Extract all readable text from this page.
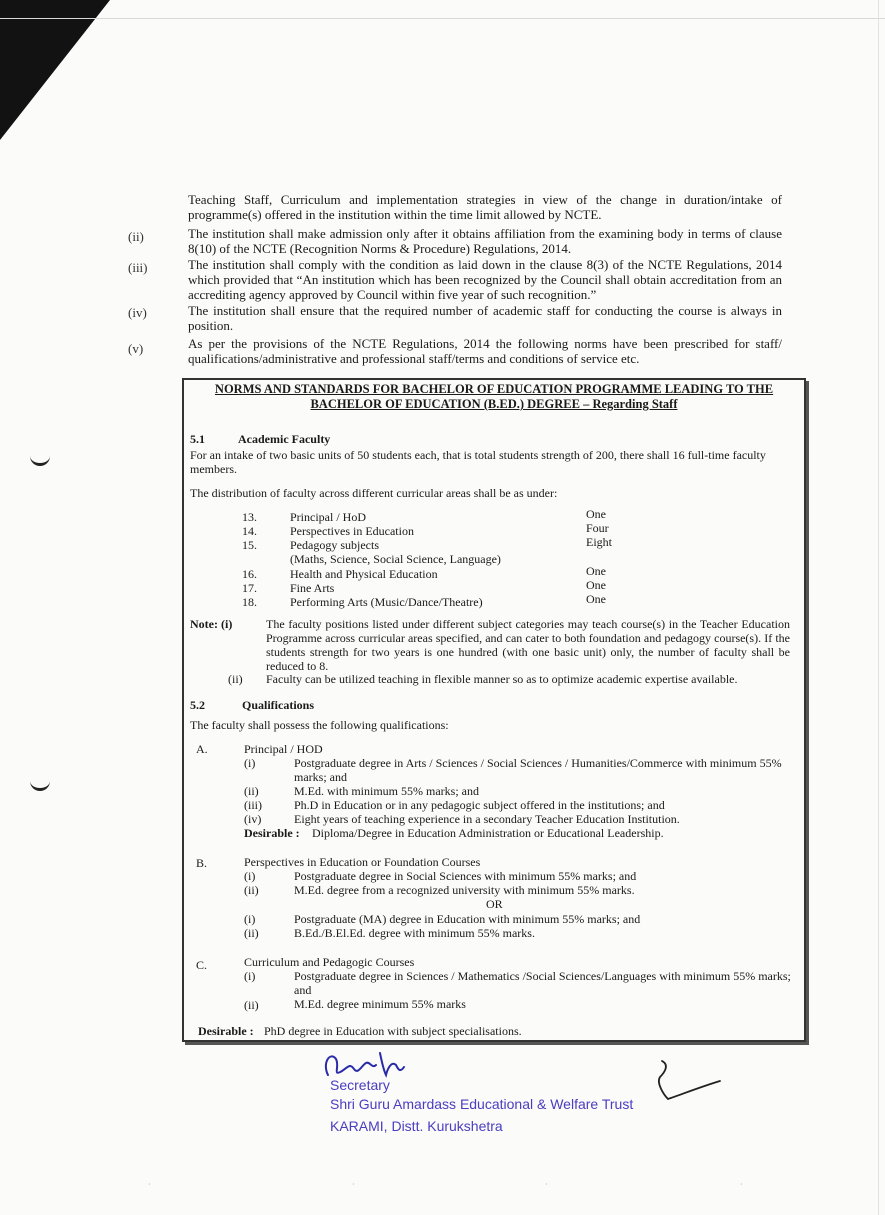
Teaching Staff, Curriculum and implementation strategies in view of the change in duration/intake of programme(s) offered in the institution within the time limit allowed by NCTE.

(ii)	The institution shall make admission only after it obtains affiliation from the examining body in terms of clause 8(10) of the NCTE (Recognition Norms & Procedure) Regulations, 2014.

(iii)	The institution shall comply with the condition as laid down in the clause 8(3) of the NCTE Regulations, 2014 which provided that “An institution which has been recognized by the Council shall obtain accreditation from an accrediting agency approved by Council within five year of such recognition.”

(iv)	The institution shall ensure that the required number of academic staff for conducting the course is always in position.

(v)	As per the provisions of the NCTE Regulations, 2014 the following norms have been prescribed for staff/ qualifications/administrative and professional staff/terms and conditions of service etc.

NORMS AND STANDARDS FOR BACHELOR OF EDUCATION PROGRAMME LEADING TO THE
BACHELOR OF EDUCATION (B.ED.) DEGREE – Regarding Staff
5.1	Academic Faculty
For an intake of two basic units of 50 students each, that is total students strength of 200, there shall 16 full-time faculty members.
The distribution of faculty across different curricular areas shall be as under:
13.	Principal / HoD	One
14.	Perspectives in Education	Four
15.	Pedagogy subjects	Eight
(Maths, Science, Social Science, Language)
16.	Health and Physical Education	One
17.	Fine Arts	One
18.	Performing Arts (Music/Dance/Theatre)	One
Note: (i)	The faculty positions listed under different subject categories may teach course(s) in the Teacher Education Programme across curricular areas specified, and can cater to both foundation and pedagogy course(s). If the students strength for two years is one hundred (with one basic unit) only, the number of faculty shall be reduced to 8.
(ii) Faculty can be utilized teaching in flexible manner so as to optimize academic expertise available.
5.2	Qualifications
The faculty shall possess the following qualifications:
A.	Principal / HOD
(i)	Postgraduate degree in Arts / Sciences / Social Sciences / Humanities/Commerce with minimum 55% marks; and
(ii)	M.Ed. with minimum 55% marks; and
(iii)	Ph.D in Education or in any pedagogic subject offered in the institutions; and
(iv)	Eight years of teaching experience in a secondary Teacher Education Institution.
Desirable : Diploma/Degree in Education Administration or Educational Leadership.
B.	Perspectives in Education or Foundation Courses
(i)	Postgraduate degree in Social Sciences with minimum 55% marks; and
(ii)	M.Ed. degree from a recognized university with minimum 55% marks.
OR
(i)	Postgraduate (MA) degree in Education with minimum 55% marks; and
(ii)	B.Ed./B.El.Ed. degree with minimum 55% marks.
C.	Curriculum and Pedagogic Courses
(i)	Postgraduate degree in Sciences / Mathematics /Social Sciences/Languages with minimum 55% marks; and
(ii)	M.Ed. degree minimum 55% marks
Desirable : PhD degree in Education with subject specialisations.
Secretary
Shri Guru Amardass Educational & Welfare Trust
KARAMI, Distt. Kurukshetra
·	·	·	·
